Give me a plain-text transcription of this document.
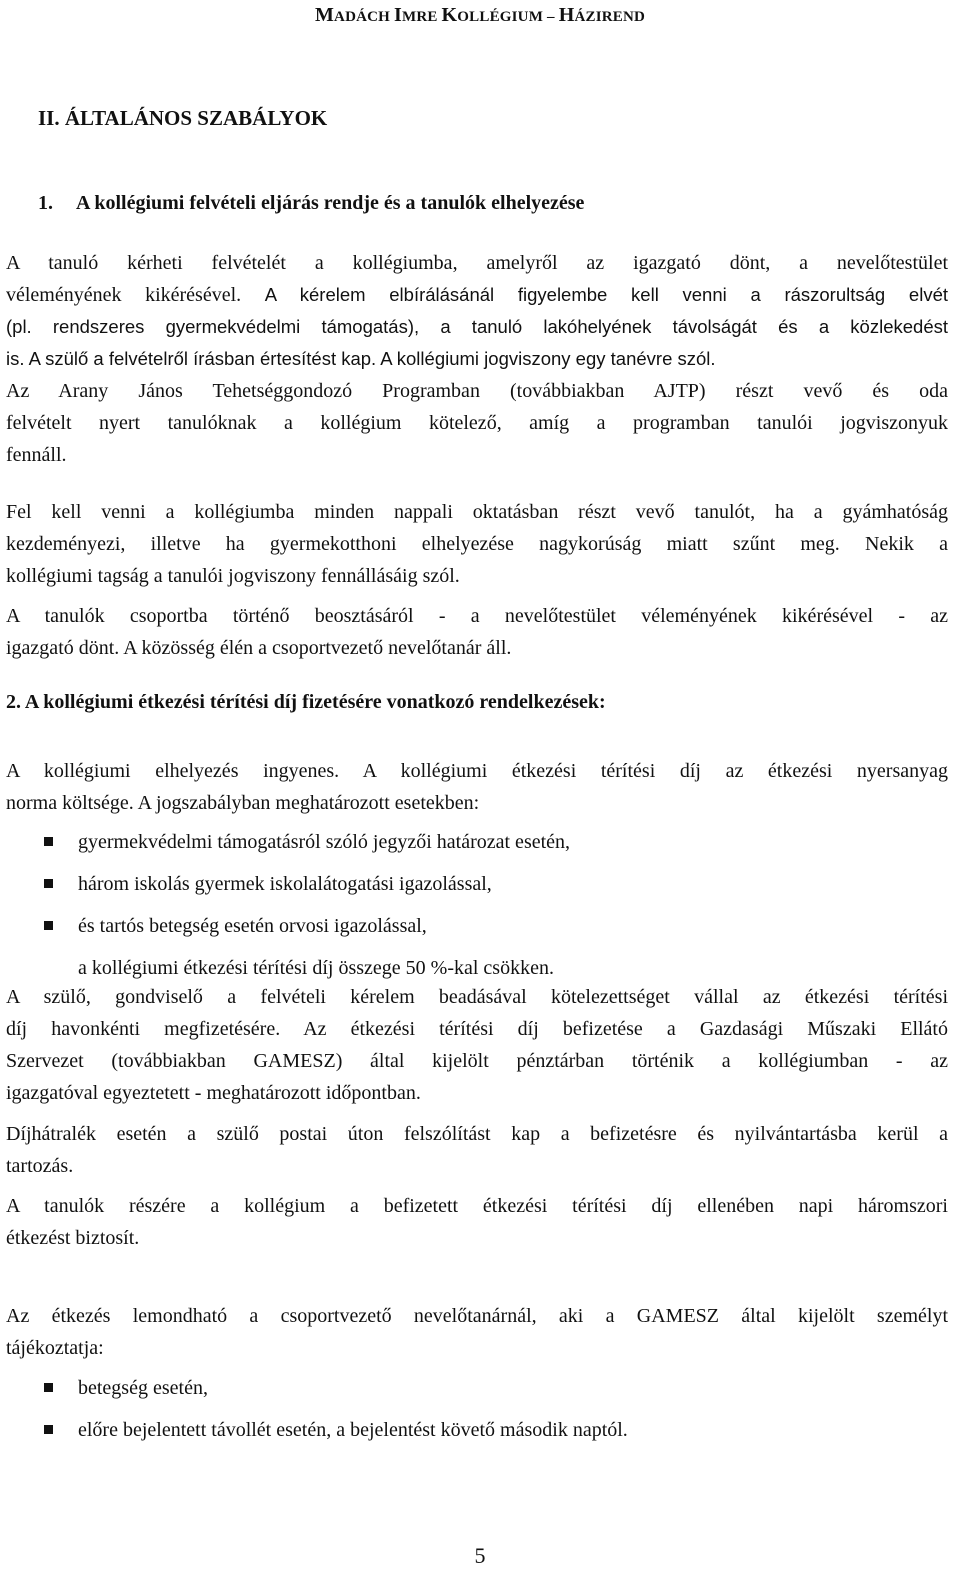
MADÁCH IMRE KOLLÉGIUM – HÁZIREND
II. ÁLTALÁNOS SZABÁLYOK
1. A kollégiumi felvételi eljárás rendje és a tanulók elhelyezése
A tanuló kérheti felvételét a kollégiumba, amelyről az igazgató dönt, a nevelőtestület
véleményének kikérésével. A kérelem elbírálásánál figyelembe kell venni a rászorultság elvét
(pl. rendszeres gyermekvédelmi támogatás), a tanuló lakóhelyének távolságát és a közlekedést
is. A szülő a felvételről írásban értesítést kap. A kollégiumi jogviszony egy tanévre szól.
Az Arany János Tehetséggondozó Programban (továbbiakban AJTP) részt vevő és oda
felvételt nyert tanulóknak a kollégium kötelező, amíg a programban tanulói jogviszonyuk
fennáll.
Fel kell venni a kollégiumba minden nappali oktatásban részt vevő tanulót, ha a gyámhatóság
kezdeményezi, illetve ha gyermekotthoni elhelyezése nagykorúság miatt szűnt meg. Nekik a
kollégiumi tagság a tanulói jogviszony fennállásáig szól.
A tanulók csoportba történő beosztásáról - a nevelőtestület véleményének kikérésével - az
igazgató dönt. A közösség élén a csoportvezető nevelőtanár áll.
2. A kollégiumi étkezési térítési díj fizetésére vonatkozó rendelkezések:
A kollégiumi elhelyezés ingyenes. A kollégiumi étkezési térítési díj az étkezési nyersanyag
norma költsége. A jogszabályban meghatározott esetekben:
gyermekvédelmi támogatásról szóló jegyzői határozat esetén,
három iskolás gyermek iskolalátogatási igazolással,
és tartós betegség esetén orvosi igazolással,
a kollégiumi étkezési térítési díj összege 50 %-kal csökken.
A szülő, gondviselő a felvételi kérelem beadásával kötelezettséget vállal az étkezési térítési
díj havonkénti megfizetésére. Az étkezési térítési díj befizetése a Gazdasági Műszaki Ellátó
Szervezet (továbbiakban GAMESZ) által kijelölt pénztárban történik a kollégiumban - az
igazgatóval egyeztetett - meghatározott időpontban.
Díjhátralék esetén a szülő postai úton felszólítást kap a befizetésre és nyilvántartásba kerül a
tartozás.
A tanulók részére a kollégium a befizetett étkezési térítési díj ellenében napi háromszori
étkezést biztosít.
Az étkezés lemondható a csoportvezető nevelőtanárnál, aki a GAMESZ által kijelölt személyt
tájékoztatja:
betegség esetén,
előre bejelentett távollét esetén, a bejelentést követő második naptól.
5
